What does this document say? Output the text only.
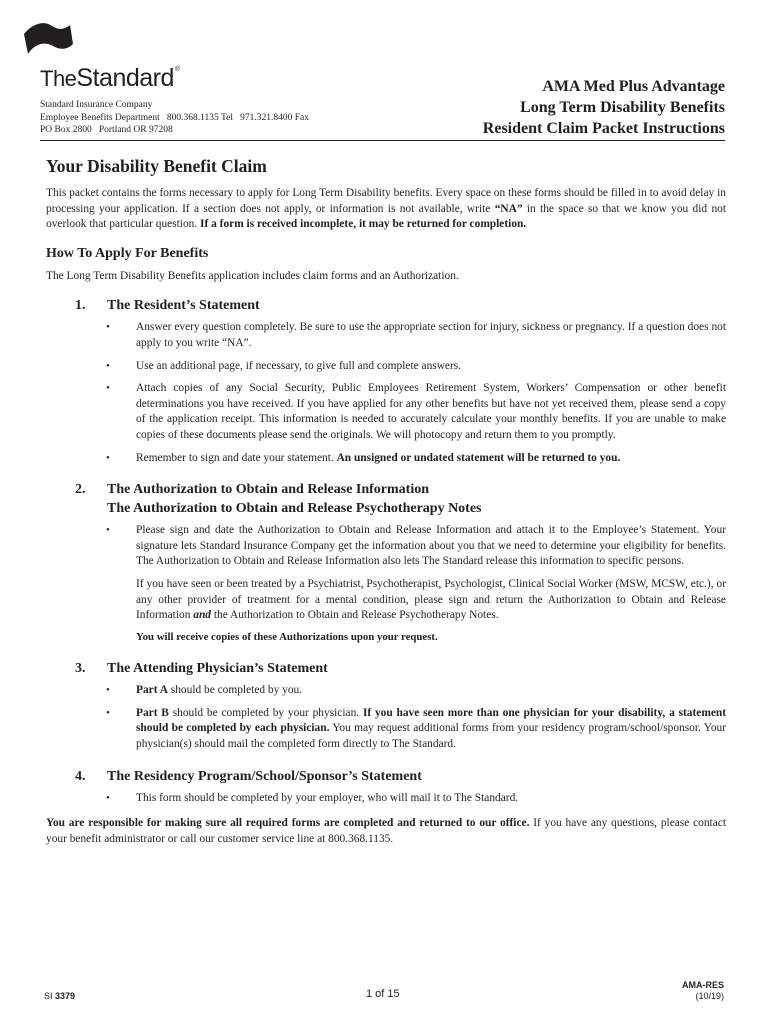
TheStandard®
Standard Insurance Company
Employee Benefits Department   800.368.1135 Tel   971.321.8400 Fax
PO Box 2800   Portland OR 97208
AMA Med Plus Advantage
Long Term Disability Benefits
Resident Claim Packet Instructions
Your Disability Benefit Claim

This packet contains the forms necessary to apply for Long Term Disability benefits. Every space on these forms should be filled in to avoid delay in processing your application. If a section does not apply, or information is not available, write “NA” in the space so that we know you did not overlook that particular question. If a form is received incomplete, it may be returned for completion.

How To Apply For Benefits

The Long Term Disability Benefits application includes claim forms and an Authorization.

1. The Resident’s Statement
• Answer every question completely. Be sure to use the appropriate section for injury, sickness or pregnancy. If a question does not apply to you write “NA”.
• Use an additional page, if necessary, to give full and complete answers.
• Attach copies of any Social Security, Public Employees Retirement System, Workers’ Compensation or other benefit determinations you have received. If you have applied for any other benefits but have not yet received them, please send a copy of the application receipt. This information is needed to accurately calculate your monthly benefits. If you are unable to make copies of these documents please send the originals. We will photocopy and return them to you promptly.
• Remember to sign and date your statement. An unsigned or undated statement will be returned to you.
2. The Authorization to Obtain and Release Information
The Authorization to Obtain and Release Psychotherapy Notes
• Please sign and date the Authorization to Obtain and Release Information and attach it to the Employee’s Statement. Your signature lets Standard Insurance Company get the information about you that we need to determine your eligibility for benefits. The Authorization to Obtain and Release Information also lets The Standard release this information to specific persons.

If you have seen or been treated by a Psychiatrist, Psychotherapist, Psychologist, Clinical Social Worker (MSW, MCSW, etc.), or any other provider of treatment for a mental condition, please sign and return the Authorization to Obtain and Release Information and the Authorization to Obtain and Release Psychotherapy Notes.

You will receive copies of these Authorizations upon your request.

3. The Attending Physician’s Statement
• Part A should be completed by you.
• Part B should be completed by your physician. If you have seen more than one physician for your disability, a statement should be completed by each physician. You may request additional forms from your residency program/school/sponsor. Your physician(s) should mail the completed form directly to The Standard.
4. The Residency Program/School/Sponsor’s Statement
• This form should be completed by your employer, who will mail it to The Standard.

You are responsible for making sure all required forms are completed and returned to our office. If you have any questions, please contact your benefit administrator or call our customer service line at 800.368.1135.

SI 3379	1 of 15
AMA-RES
(10/19)
